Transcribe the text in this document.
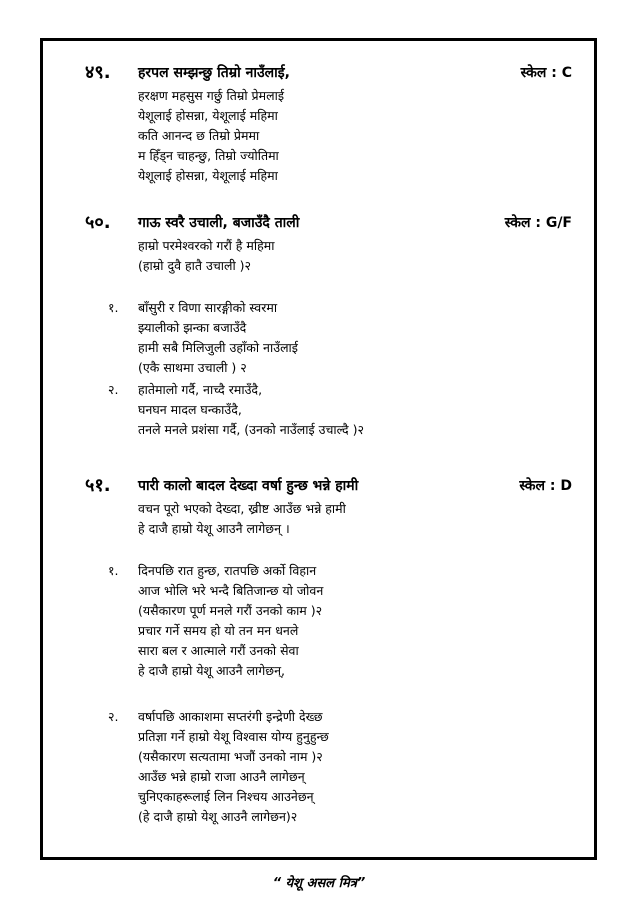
४९. हरपल सम्झन्छु तिम्रो नाउँलाई,	स्केल : C
हरक्षण महसुस गर्छु तिम्रो प्रेमलाई
येशूलाई होसन्ना, येशूलाई महिमा
कति आनन्द छ तिम्रो प्रेममा
म हिँड्न चाहन्छु, तिम्रो ज्योतिमा
येशूलाई होसन्ना, येशूलाई महिमा
५०. गाऊ स्वरै उचाली, बजाउँदै ताली	स्केल : G/F
हाम्रो परमेश्वरको गरौं है महिमा
(हाम्रो दुवै हातै उचाली )२
१. बाँसुरी र विणा सारङ्गीको स्वरमा
झ्यालीको झन्का बजाउँदै
हामी सबै मिलिजुली उहाँको नाउँलाई
(एकै साथमा उचाली ) २
२. हातेमालो गर्दै, नाच्दै रमाउँदै,
घनघन मादल घन्काउँदै,
तनले मनले प्रशंसा गर्दै, (उनको नाउँलाई उचाल्दै )२
५१. पारी कालो बादल देख्दा वर्षा हुन्छ भन्ने हामी	स्केल : D
वचन पूरो भएको देख्दा, ख्रीष्ट आउँछ भन्ने हामी
हे दाजै हाम्रो येशू आउनै लागेछन् ।
१. दिनपछि रात हुन्छ, रातपछि अर्को विहान
आज भोलि भरे भन्दै बितिजान्छ यो जोवन
(यसैकारण पूर्ण मनले गरौं उनको काम )२
प्रचार गर्ने समय हो यो तन मन धनले
सारा बल र आत्माले गरौं उनको सेवा
हे दाजै हाम्रो येशू आउनै लागेछन्,
२. वर्षापछि आकाशमा सप्तरंगी इन्द्रेणी देख्छ
प्रतिज्ञा गर्ने हाम्रो येशू विश्वास योग्य हुनुहुन्छ
(यसैकारण सत्यतामा भजौं उनको नाम )२
आउँछ भन्ने हाम्रो राजा आउनै लागेछन्
चुनिएकाहरूलाई लिन निश्चय आउनेछन्
(हे दाजै हाम्रो येशू आउनै लागेछन)२
“ येशू असल मित्र”
